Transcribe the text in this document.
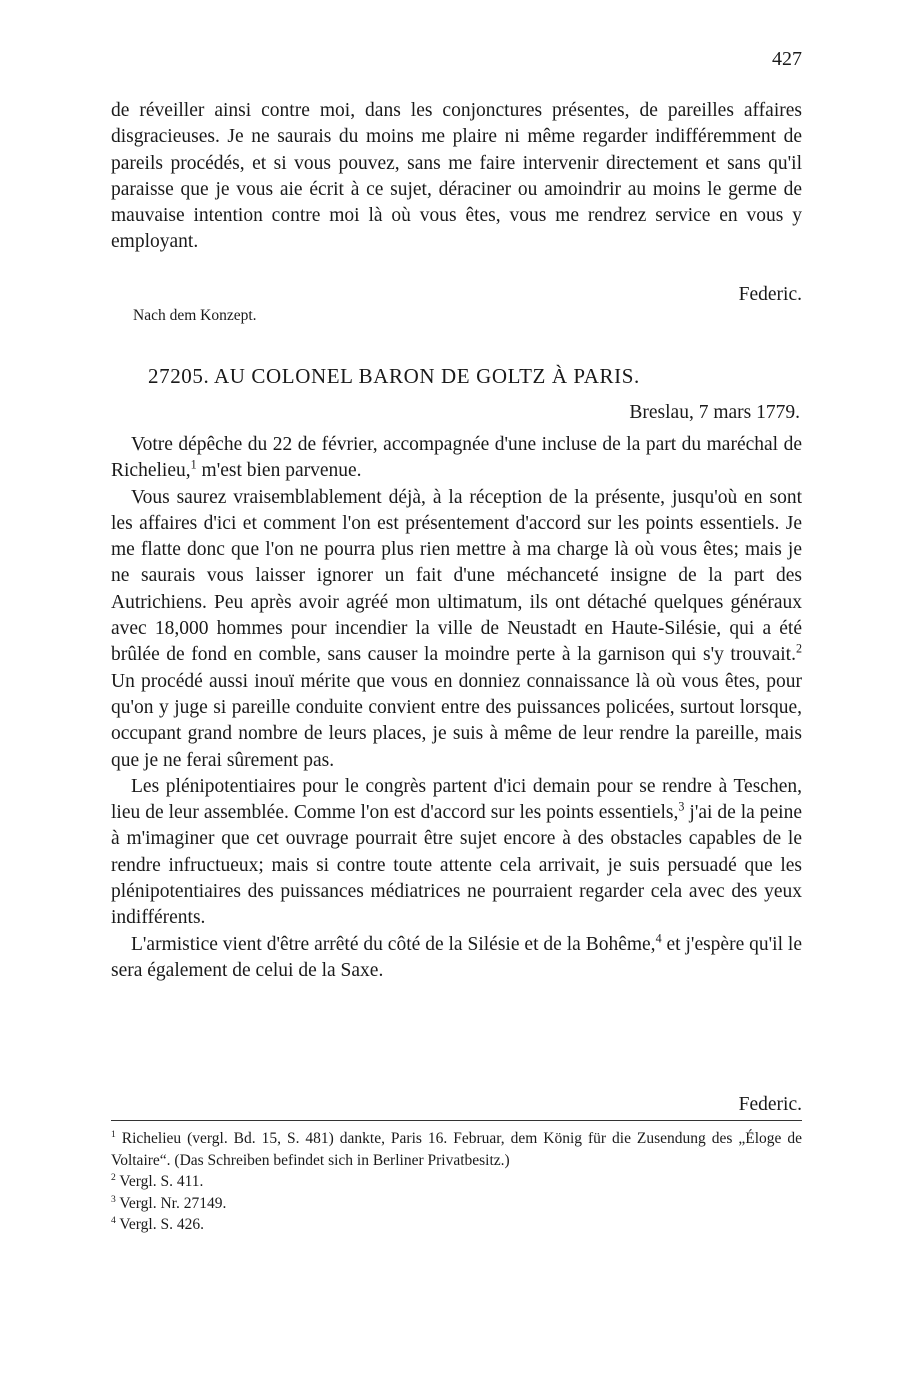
427

de réveiller ainsi contre moi, dans les conjonctures présentes, de pareilles affaires disgracieuses. Je ne saurais du moins me plaire ni même regarder indifféremment de pareils procédés, et si vous pouvez, sans me faire intervenir directement et sans qu'il paraisse que je vous aie écrit à ce sujet, déraciner ou amoindrir au moins le germe de mauvaise intention contre moi là où vous êtes, vous me rendrez service en vous y employant.

Federic.
Nach dem Konzept.
27205. AU COLONEL BARON DE GOLTZ À PARIS.
Breslau, 7 mars 1779.

Votre dépêche du 22 de février, accompagnée d'une incluse de la part du maréchal de Richelieu,$^1$ m'est bien parvenue.

Vous saurez vraisemblablement déjà, à la réception de la présente, jusqu'où en sont les affaires d'ici et comment l'on est présentement d'accord sur les points essentiels. Je me flatte donc que l'on ne pourra plus rien mettre à ma charge là où vous êtes; mais je ne saurais vous laisser ignorer un fait d'une méchanceté insigne de la part des Autrichiens. Peu après avoir agréé mon ultimatum, ils ont détaché quelques généraux avec 18,000 hommes pour incendier la ville de Neustadt en Haute-Silésie, qui a été brûlée de fond en comble, sans causer la moindre perte à la garnison qui s'y trouvait.$^2$ Un procédé aussi inouï mérite que vous en donniez connaissance là où vous êtes, pour qu'on y juge si pareille conduite convient entre des puissances policées, surtout lorsque, occupant grand nombre de leurs places, je suis à même de leur rendre la pareille, mais que je ne ferai sûrement pas.

Les plénipotentiaires pour le congrès partent d'ici demain pour se rendre à Teschen, lieu de leur assemblée. Comme l'on est d'accord sur les points essentiels,$^3$ j'ai de la peine à m'imaginer que cet ouvrage pourrait être sujet encore à des obstacles capables de le rendre infructueux; mais si contre toute attente cela arrivait, je suis persuadé que les plénipotentiaires des puissances médiatrices ne pourraient regarder cela avec des yeux indifférents.

L'armistice vient d'être arrêté du côté de la Silésie et de la Bohême,$^4$ et j'espère qu'il le sera également de celui de la Saxe.

Federic.

$^1$ Richelieu (vergl. Bd. 15, S. 481) dankte, Paris 16. Februar, dem König für die Zusendung des „Éloge de Voltaire“. (Das Schreiben befindet sich in Berliner Privatbesitz.)

$^2$ Vergl. S. 411.

$^3$ Vergl. Nr. 27149.

$^4$ Vergl. S. 426.
